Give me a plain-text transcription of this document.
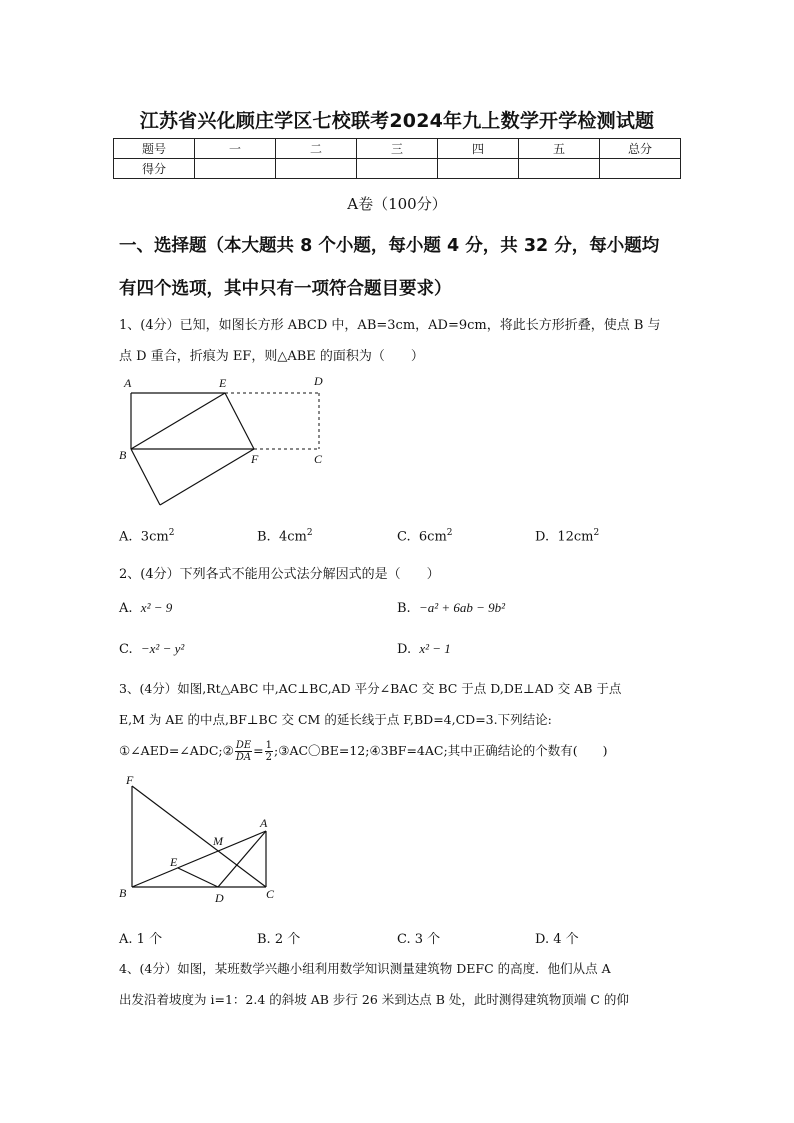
江苏省兴化顾庄学区七校联考2024年九上数学开学检测试题
题号	一	二	三	四	五	总分
得分						
A卷（100分）
一、选择题（本大题共 8 个小题，每小题 4 分，共 32 分，每小题均
有四个选项，其中只有一项符合题目要求）
1、(4分）已知，如图长方形 ABCD 中，AB=3cm，AD=9cm，将此长方形折叠，使点 B 与
点 D 重合，折痕为 EF，则△ABE 的面积为（　　）
A	E	D
B	F	C
A. $3cm^2$	B. $4cm^2$	C. $6cm^2$	D. $12cm^2$
2、(4分）下列各式不能用公式法分解因式的是（　　）
A. x² − 9	B. −a² + 6ab − 9b²
C. −x² − y²	D. x² − 1
3、(4分）如图,Rt△ABC 中,AC⊥BC,AD 平分∠BAC 交 BC 于点 D,DE⊥AD 交 AB 于点
E,M 为 AE 的中点,BF⊥BC 交 CM 的延长线于点 F,BD=4,CD=3.下列结论:
①∠AED=∠ADC;② $\frac{DE}{DA} = \frac{1}{2}$ ;③AC〇BE=12;④3BF=4AC;其中正确结论的个数有(　　)
F
A
M
E
B	D	C
A. 1 个	B. 2 个	C. 3 个	D. 4 个
4、(4分）如图，某班数学兴趣小组利用数学知识测量建筑物 DEFC 的高度．他们从点 A
出发沿着坡度为 i=1：2.4 的斜坡 AB 步行 26 米到达点 B 处，此时测得建筑物顶端 C 的仰
